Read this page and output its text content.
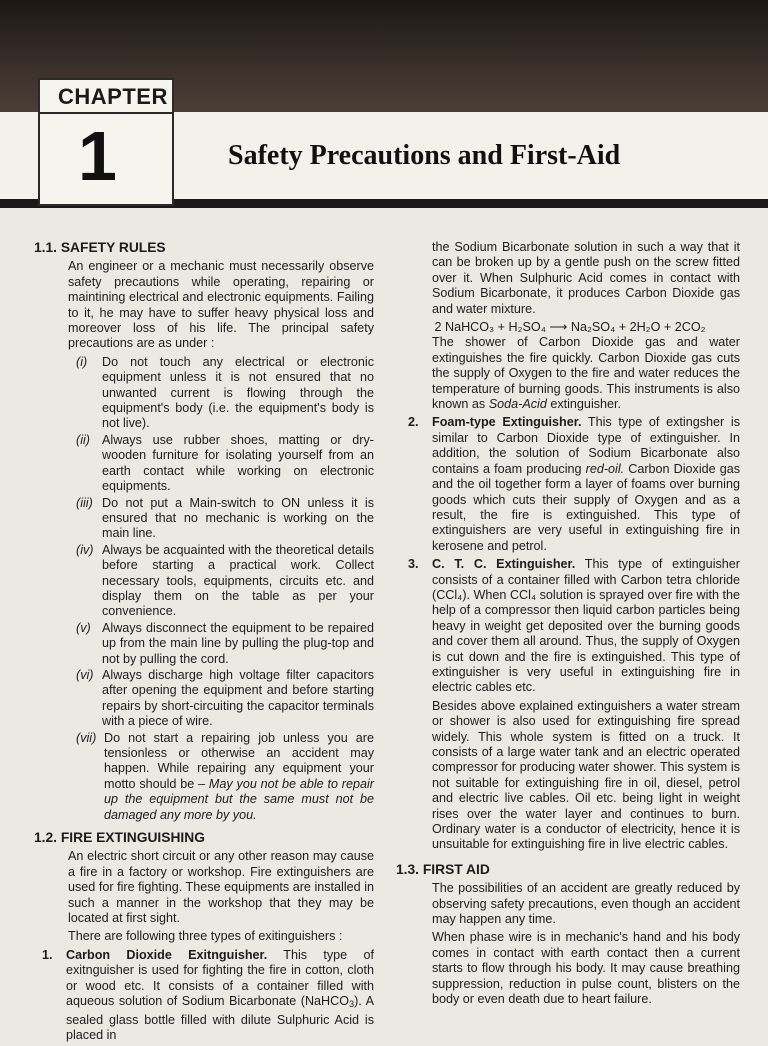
CHAPTER
1	Safety Precautions and First-Aid
1.1. SAFETY RULES

An engineer or a mechanic must necessarily observe safety precautions while operating, repairing or maintining electrical and electronic equipments. Failing to it, he may have to suffer heavy physical loss and moreover loss of his life. The principal safety precautions are as under :

(i)	Do not touch any electrical or electronic equipment unless it is not ensured that no unwanted current is flowing through the equipment's body (i.e. the equipment's body is not live).
(ii) Always use rubber shoes, matting or dry-wooden furniture for isolating yourself from an earth contact while working on electronic equipments.
(iii) Do not put a Main-switch to ON unless it is ensured that no mechanic is working on the main line.
(iv) Always be acquainted with the theoretical details before starting a practical work. Collect necessary tools, equipments, circuits etc. and display them on the table as per your convenience.
(v) Always disconnect the equipment to be repaired up from the main line by pulling the plug-top and not by pulling the cord.
(vi) Always discharge high voltage filter capacitors after opening the equipment and before starting repairs by short-circuiting the capacitor terminals with a piece of wire.
(vii) Do not start a repairing job unless you are tensionless or otherwise an accident may happen. While repairing any equipment your motto should be – May you not be able to repair up the equipment but the same must not be damaged any more by you.
1.2. FIRE EXTINGUISHING

An electric short circuit or any other reason may cause a fire in a factory or workshop. Fire extinguishers are used for fire fighting. These equipments are installed in such a manner in the workshop that they may be located at first sight.

There are following three types of exitinguishers :

1.	Carbon Dioxide Exitnguisher. This type of exitnguisher is used for fighting the fire in cotton, cloth or wood etc. It consists of a container filled with aqueous solution of Sodium Bicarbonate (NaHCO$_3$). A sealed glass bottle filled with dilute Sulphuric Acid is placed in

the Sodium Bicarbonate solution in such a way that it can be broken up by a gentle push on the screw fitted over it. When Sulphuric Acid comes in contact with Sodium Bicarbonate, it produces Carbon Dioxide gas and water mixture.

2 NaHCO₃ + H₂SO₄ ⟶ Na₂SO₄ + 2H₂O + 2CO₂

The shower of Carbon Dioxide gas and water extinguishes the fire quickly. Carbon Dioxide gas cuts the supply of Oxygen to the fire and water reduces the temperature of burning goods. This instruments is also known as Soda-Acid extinguisher.

2.	Foam-type Extinguisher. This type of extingsher is similar to Carbon Dioxide type of extinguisher. In addition, the solution of Sodium Bicarbonate also contains a foam producing red-oil. Carbon Dioxide gas and the oil together form a layer of foams over burning goods which cuts their supply of Oxygen and as a result, the fire is extinguished. This type of extinguishers are very useful in extinguishing fire in kerosene and petrol.
3.	C. T. C. Extinguisher. This type of extinguisher consists of a container filled with Carbon tetra chloride (CCl₄). When CCl₄ solution is sprayed over fire with the help of a compressor then liquid carbon particles being heavy in weight get deposited over the burning goods and cover them all around. Thus, the supply of Oxygen is cut down and the fire is extinguished. This type of extinguisher is very useful in extinguishing fire in electric cables etc.

Besides above explained extinguishers a water stream or shower is also used for extinguishing fire spread widely. This whole system is fitted on a truck. It consists of a large water tank and an electric operated compressor for producing water shower. This system is not suitable for extinguishing fire in oil, diesel, petrol and electric live cables. Oil etc. being light in weight rises over the water layer and continues to burn. Ordinary water is a conductor of electricity, hence it is unsuitable for extinguishing fire in live electric cables.

1.3. FIRST AID

The possibilities of an accident are greatly reduced by observing safety precautions, even though an accident may happen any time.

When phase wire is in mechanic's hand and his body comes in contact with earth contact then a current starts to flow through his body. It may cause breathing suppression, reduction in pulse count, blisters on the body or even death due to heart failure.
